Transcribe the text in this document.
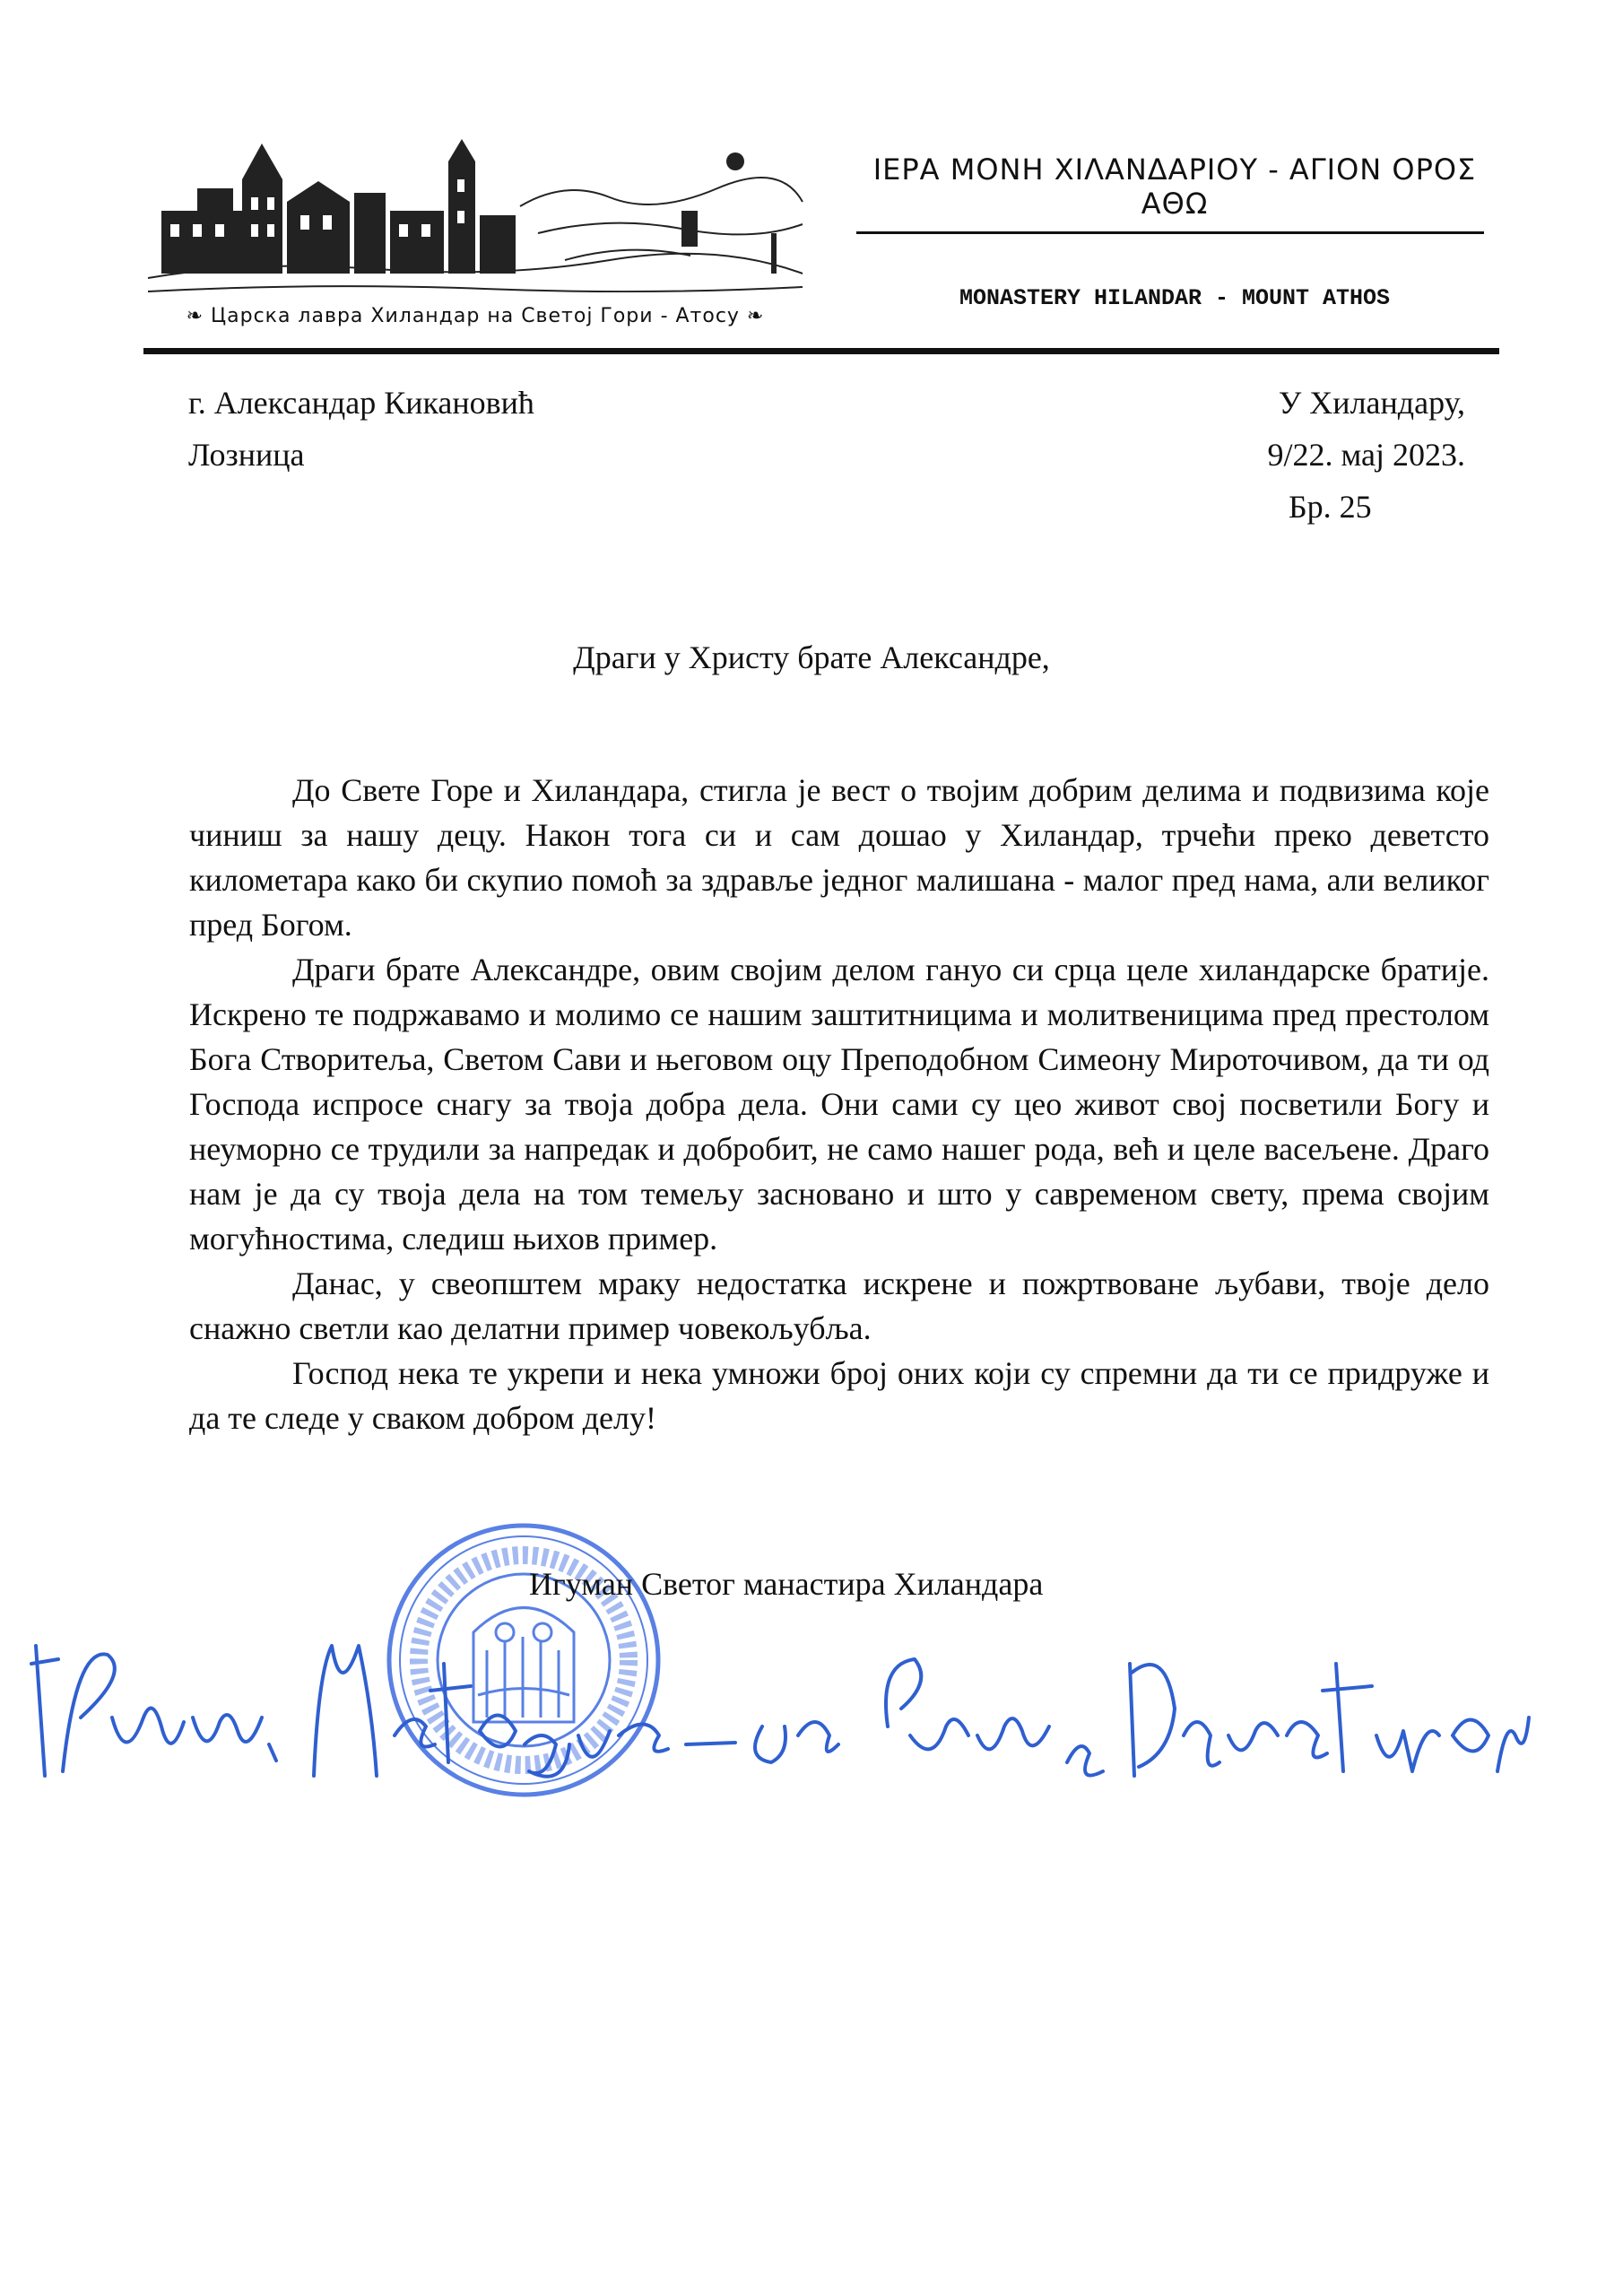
❧ Царска лавра Хиландар на Светој Гори - Атосу ❧
ΙΕΡΑ ΜΟΝΗ ΧΙΛΑΝΔΑΡΙΟΥ - ΑΓΙΟΝ ΟΡΟΣ ΑΘΩ
MONASTERY HILANDAR - MOUNT ATHOS
г. Александар Кикановић
Лозница
У Хиландару,
9/22. мај 2023.
Бр. 25
Драги у Христу брате Александре,

До Свете Горе и Хиландара, стигла је вест о твојим добрим делима и подвизима које чиниш за нашу децу. Након тога си и сам дошао у Хиландар, трчећи преко деветсто километара како би скупио помоћ за здравље једног малишана - малог пред нама, али великог пред Богом.

Драги брате Александре, овим својим делом гануо си срца целе хиландарске братије. Искрено те подржавамо и молимо се нашим заштитницима и молитвеницима пред престолом Бога Створитеља, Светом Сави и његовом оцу Преподобном Симеону Мироточивом, да ти од Господа испросе снагу за твоја добра дела. Они сами су цео живот свој посветили Богу и неуморно се трудили за напредак и добробит, не само нашег рода, већ и целе васељене. Драго нам је да су твоја дела на том темељу засновано и што у савременом свету, према својим могућностима, следиш њихов пример.

Данас, у свеопштем мраку недостатка искрене и пожртвоване љубави, твоје дело снажно светли као делатни пример човекољубља.

Господ нека те укрепи и нека умножи број оних који су спремни да ти се придруже и да те следе у сваком добром делу!

Игуман Светог манастира Хиландара
